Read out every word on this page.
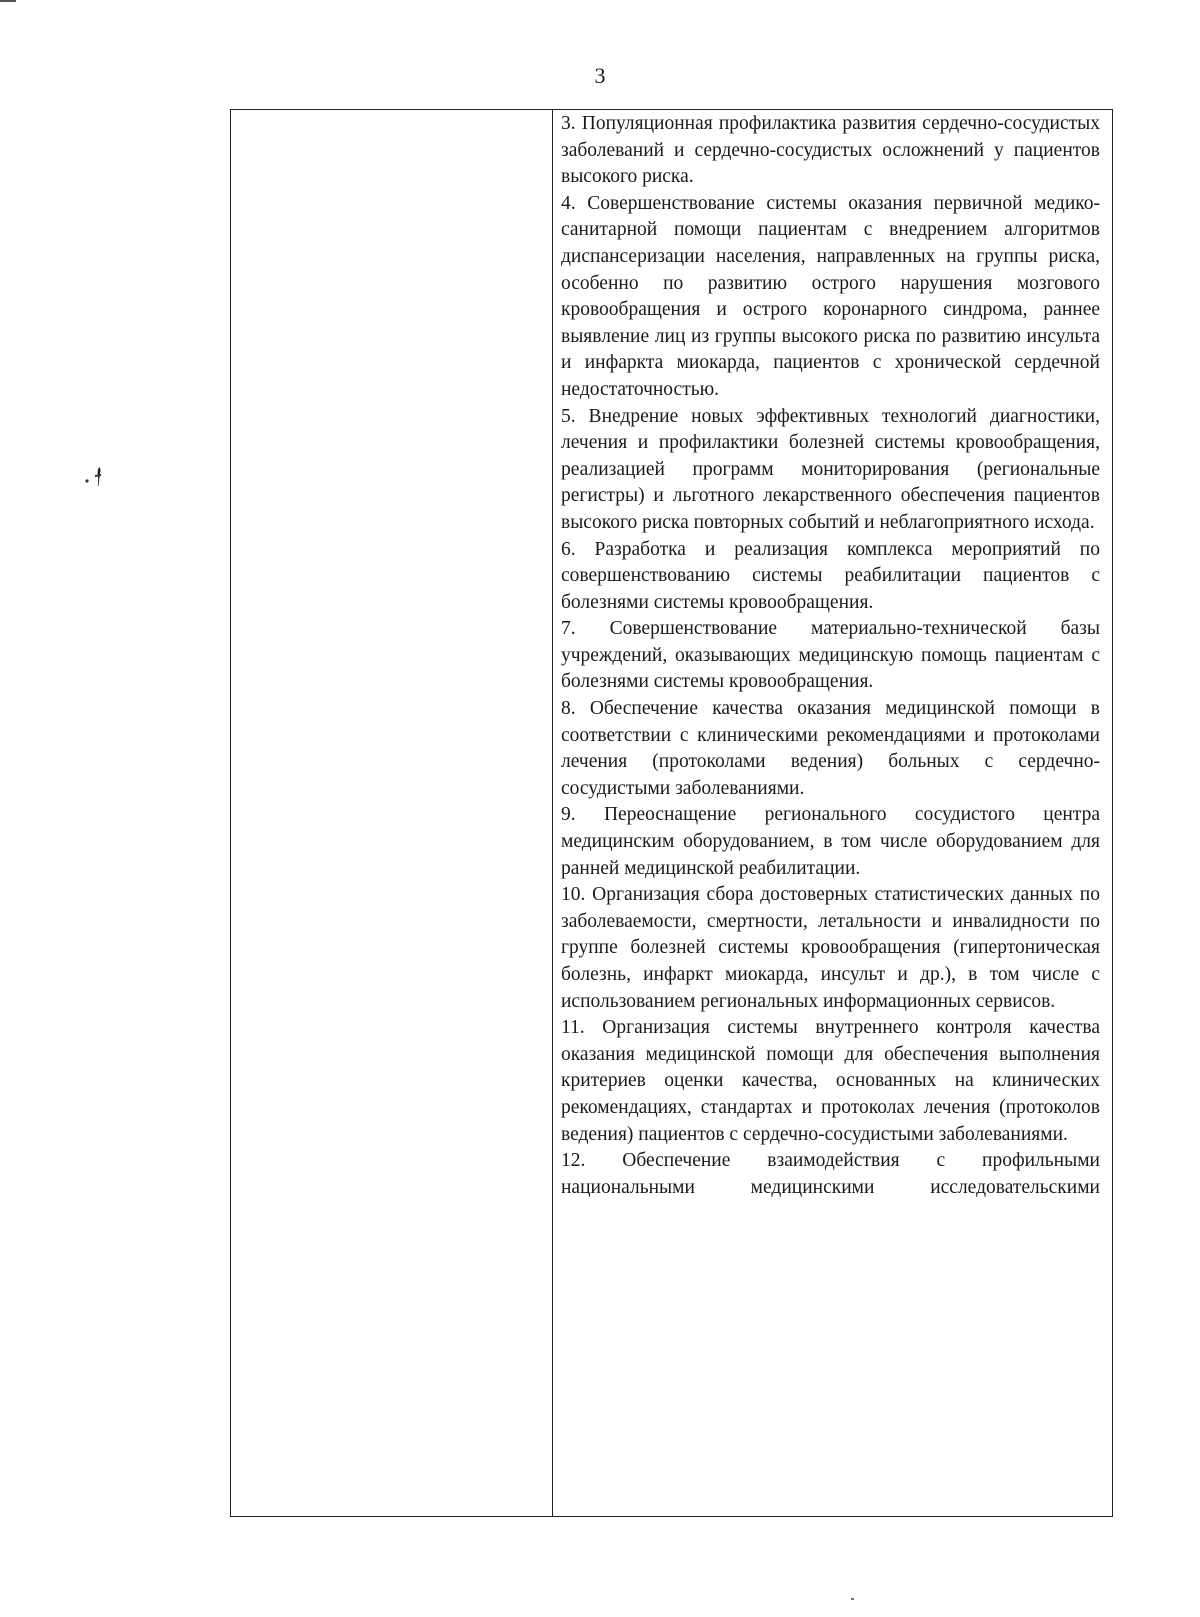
3

3. Популяционная профилактика развития сердечно-сосудистых заболеваний и сердечно-сосудистых осложнений у пациентов высокого риска.

4. Совершенствование системы оказания первичной медико-санитарной помощи пациентам с внедрением алгоритмов диспансеризации населения, направленных на группы риска, особенно по развитию острого нарушения мозгового кровообращения и острого коронарного синдрома, раннее выявление лиц из группы высокого риска по развитию инсульта и инфаркта миокарда, пациентов с хронической сердечной недостаточностью.

5. Внедрение новых эффективных технологий диагностики, лечения и профилактики болезней системы кровообращения, реализацией программ мониторирования (региональные регистры) и льготного лекарственного обеспечения пациентов высокого риска повторных событий и неблагоприятного исхода.

6. Разработка и реализация комплекса мероприятий по совершенствованию системы реабилитации пациентов с болезнями системы кровообращения.

7. Совершенствование материально-технической базы учреждений, оказывающих медицинскую помощь пациентам с болезнями системы кровообращения.

8. Обеспечение качества оказания медицинской помощи в соответствии с клиническими рекомендациями и протоколами лечения (протоколами ведения) больных с сердечно-сосудистыми заболеваниями.

9. Переоснащение регионального сосудистого центра медицинским оборудованием, в том числе оборудованием для ранней медицинской реабилитации.

10. Организация сбора достоверных статистических данных по заболеваемости, смертности, летальности и инвалидности по группе болезней системы кровообращения (гипертоническая болезнь, инфаркт миокарда, инсульт и др.), в том числе с использованием региональных информационных сервисов.

11. Организация системы внутреннего контроля качества оказания медицинской помощи для обеспечения выполнения критериев оценки качества, основанных на клинических рекомендациях, стандартах и протоколах лечения (протоколов ведения) пациентов с сердечно-сосудистыми заболеваниями.

12. Обеспечение взаимодействия с профильными национальными медицинскими исследовательскими
